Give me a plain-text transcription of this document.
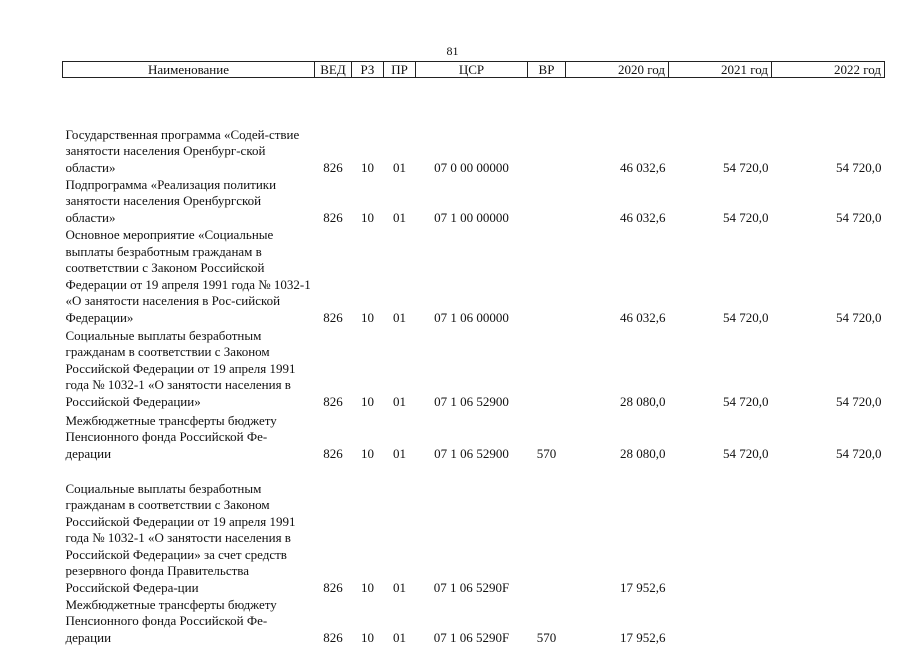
81
Наименование	ВЕД	РЗ	ПР	ЦСР	ВР	2020 год	2021 год	2022 год
Государственная программа «Содей-ствие занятости населения Оренбург-ской области»	826	10	01	07 0 00 00000		46 032,6	54 720,0	54 720,0
Подпрограмма «Реализация политики занятости населения Оренбургской области»	826	10	01	07 1 00 00000		46 032,6	54 720,0	54 720,0
Основное мероприятие «Социальные выплаты безработным гражданам в соответствии с Законом Российской Федерации от 19 апреля 1991 года № 1032-1 «О занятости населения в Рос-сийской Федерации»	826	10	01	07 1 06 00000		46 032,6	54 720,0	54 720,0
Социальные выплаты безработным гражданам в соответствии с Законом Российской Федерации от 19 апреля 1991 года № 1032-1 «О занятости населения в Российской Федерации»	826	10	01	07 1 06 52900		28 080,0	54 720,0	54 720,0
Межбюджетные трансферты бюджету Пенсионного фонда Российской Фе-дерации	826	10	01	07 1 06 52900	570	28 080,0	54 720,0	54 720,0
Социальные выплаты безработным гражданам в соответствии с Законом Российской Федерации от 19 апреля 1991 года № 1032-1 «О занятости населения в Российской Федерации» за счет средств резервного фонда Правительства Российской Федера-ции	826	10	01	07 1 06 5290F		17 952,6		
Межбюджетные трансферты бюджету Пенсионного фонда Российской Фе-дерации	826	10	01	07 1 06 5290F	570	17 952,6		
